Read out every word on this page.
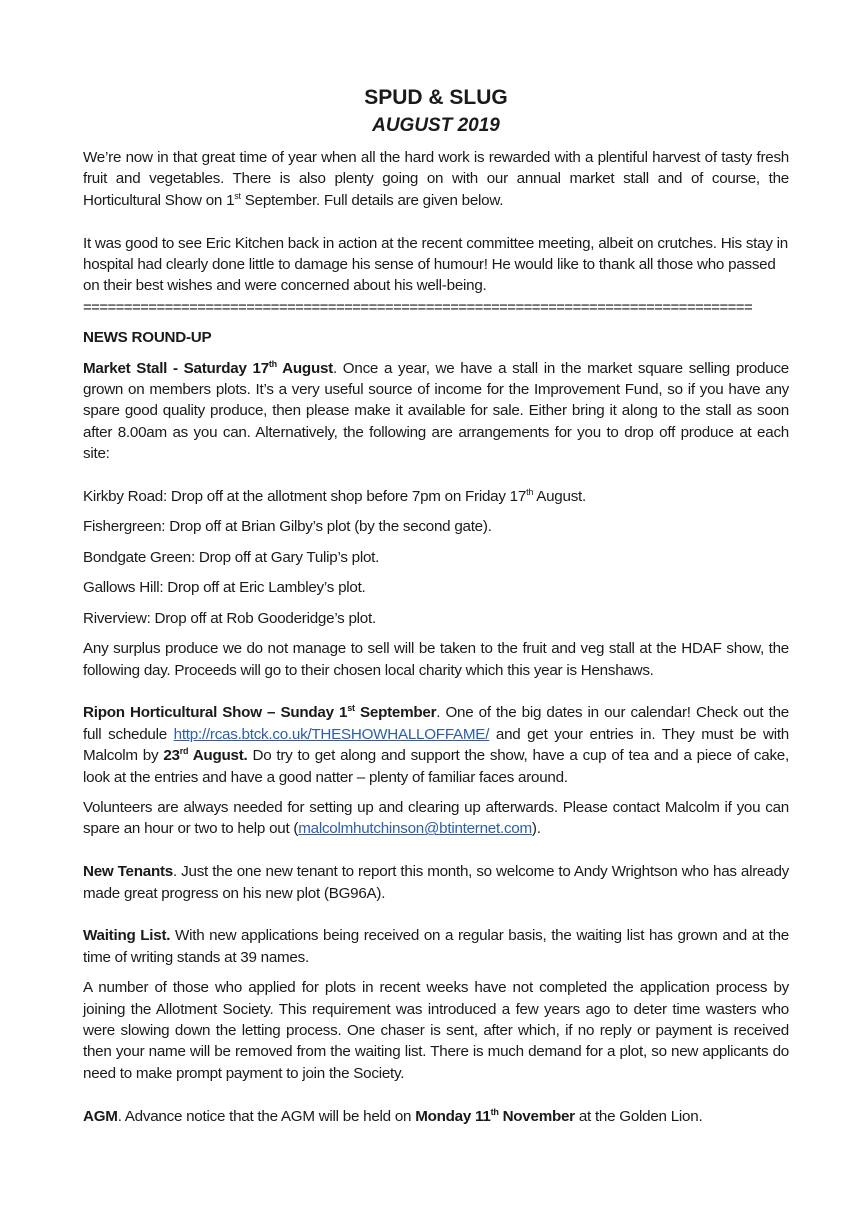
SPUD & SLUG
AUGUST 2019

We’re now in that great time of year when all the hard work is rewarded with a plentiful harvest of tasty fresh fruit and vegetables. There is also plenty going on with our annual market stall and of course, the Horticultural Show on 1st September. Full details are given below.

It was good to see Eric Kitchen back in action at the recent committee meeting, albeit on crutches. His stay in hospital had clearly done little to damage his sense of humour! He would like to thank all those who passed on their best wishes and were concerned about his well-being.

==================================================================================

NEWS ROUND-UP

Market Stall - Saturday 17th August. Once a year, we have a stall in the market square selling produce grown on members plots. It’s a very useful source of income for the Improvement Fund, so if you have any spare good quality produce, then please make it available for sale. Either bring it along to the stall as soon after 8.00am as you can. Alternatively, the following are arrangements for you to drop off produce at each site:

Kirkby Road: Drop off at the allotment shop before 7pm on Friday 17th August.

Fishergreen: Drop off at Brian Gilby’s plot (by the second gate).

Bondgate Green: Drop off at Gary Tulip’s plot.

Gallows Hill: Drop off at Eric Lambley’s plot.

Riverview: Drop off at Rob Gooderidge’s plot.

Any surplus produce we do not manage to sell will be taken to the fruit and veg stall at the HDAF show, the following day. Proceeds will go to their chosen local charity which this year is Henshaws.

Ripon Horticultural Show – Sunday 1st September. One of the big dates in our calendar! Check out the full schedule http://rcas.btck.co.uk/THESHOWHALLOFFAME/ and get your entries in. They must be with Malcolm by 23rd August. Do try to get along and support the show, have a cup of tea and a piece of cake, look at the entries and have a good natter – plenty of familiar faces around.

Volunteers are always needed for setting up and clearing up afterwards. Please contact Malcolm if you can spare an hour or two to help out (malcolmhutchinson@btinternet.com).

New Tenants. Just the one new tenant to report this month, so welcome to Andy Wrightson who has already made great progress on his new plot (BG96A).

Waiting List. With new applications being received on a regular basis, the waiting list has grown and at the time of writing stands at 39 names.

A number of those who applied for plots in recent weeks have not completed the application process by joining the Allotment Society. This requirement was introduced a few years ago to deter time wasters who were slowing down the letting process. One chaser is sent, after which, if no reply or payment is received then your name will be removed from the waiting list. There is much demand for a plot, so new applicants do need to make prompt payment to join the Society.

AGM. Advance notice that the AGM will be held on Monday 11th November at the Golden Lion.
